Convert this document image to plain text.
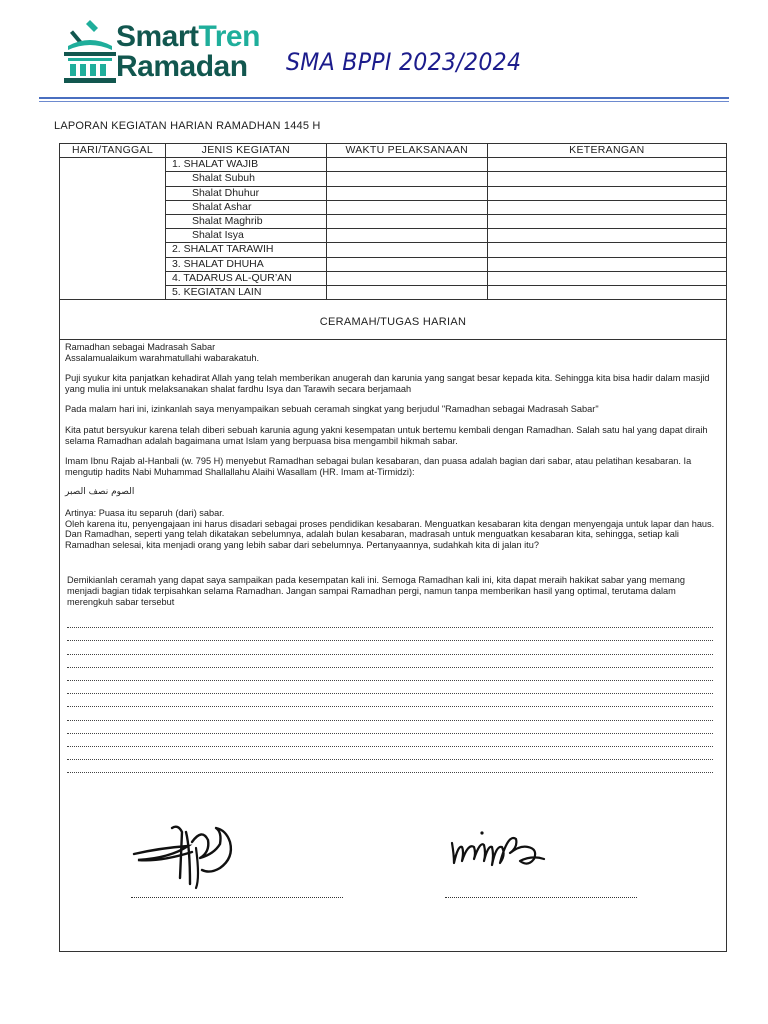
SmartTren
Ramadan SMA BPPI 2023/2024
LAPORAN KEGIATAN HARIAN RAMADHAN 1445 H
HARI/TANGGAL	JENIS KEGIATAN	WAKTU PELAKSANAAN	KETERANGAN
	1. SHALAT WAJIB		
	Shalat Subuh		
	Shalat Dhuhur		
	Shalat Ashar		
	Shalat Maghrib		
	Shalat Isya		
	2. SHALAT TARAWIH		
	3. SHALAT DHUHA		
	4. TADARUS AL-QUR’AN		
	5. KEGIATAN LAIN		
CERAMAH/TUGAS HARIAN

Ramadhan sebagai Madrasah Sabar

Assalamualaikum warahmatullahi wabarakatuh.

Puji syukur kita panjatkan kehadirat Allah yang telah memberikan anugerah dan karunia yang sangat besar kepada kita. Sehingga kita bisa hadir dalam masjid yang mulia ini untuk melaksanakan shalat fardhu Isya dan Tarawih secara berjamaah

Pada malam hari ini, izinkanlah saya menyampaikan sebuah ceramah singkat yang berjudul "Ramadhan sebagai Madrasah Sabar"

Kita patut bersyukur karena telah diberi sebuah karunia agung yakni kesempatan untuk bertemu kembali dengan Ramadhan. Salah satu hal yang dapat diraih selama Ramadhan adalah bagaimana umat Islam yang berpuasa bisa mengambil hikmah sabar.

Imam Ibnu Rajab al-Hanbali (w. 795 H) menyebut Ramadhan sebagai bulan kesabaran, dan puasa adalah bagian dari sabar, atau pelatihan kesabaran. Ia mengutip hadits Nabi Muhammad Shallallahu Alaihi Wasallam (HR. Imam at-Tirmidzi):

الصوم نصف الصبر

Artinya: Puasa itu separuh (dari) sabar.

Oleh karena itu, penyengajaan ini harus disadari sebagai proses pendidikan kesabaran. Menguatkan kesabaran kita dengan menyengaja untuk lapar dan haus. Dan Ramadhan, seperti yang telah dikatakan sebelumnya, adalah bulan kesabaran, madrasah untuk menguatkan kesabaran kita, sehingga, setiap kali Ramadhan selesai, kita menjadi orang yang lebih sabar dari sebelumnya. Pertanyaannya, sudahkah kita di jalan itu?

Demikianlah ceramah yang dapat saya sampaikan pada kesempatan kali ini. Semoga Ramadhan kali ini, kita dapat meraih hakikat sabar yang memang menjadi bagian tidak terpisahkan selama Ramadhan. Jangan sampai Ramadhan pergi, namun tanpa memberikan hasil yang optimal, terutama dalam merengkuh sabar tersebut
